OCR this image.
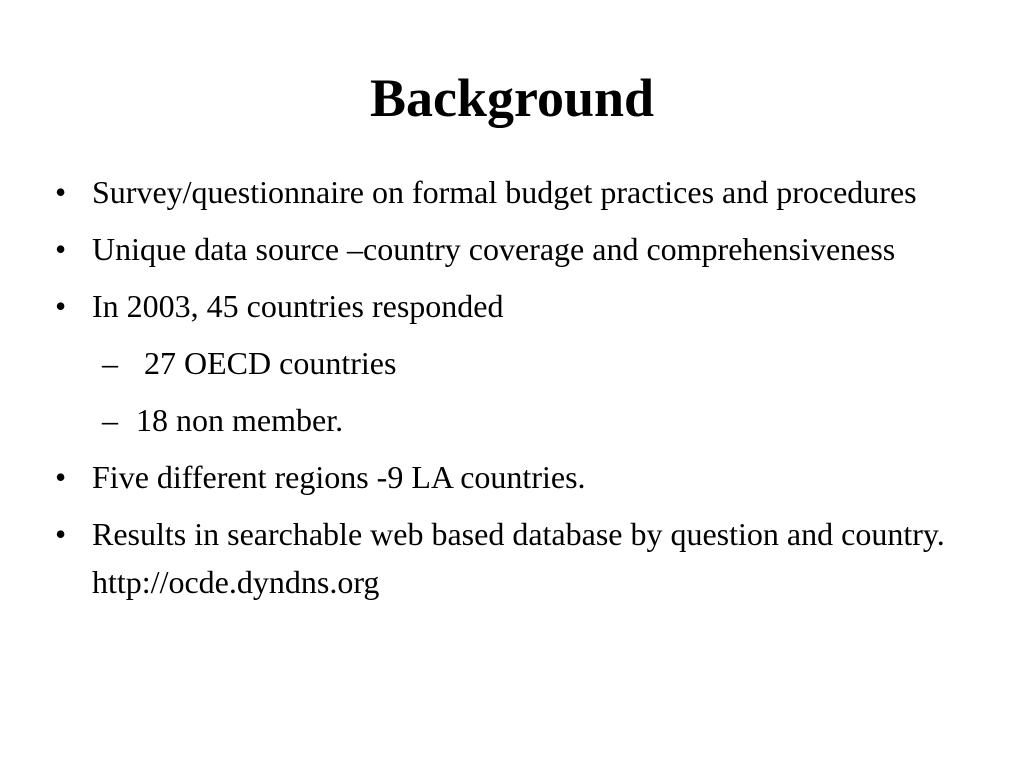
Background
• Survey/questionnaire on formal budget practices and procedures
• Unique data source –country coverage and comprehensiveness
• In 2003, 45 countries responded
– 27 OECD countries
– 18 non member.
• Five different regions -9 LA countries.
• Results in searchable web based database by question and country. http://ocde.dyndns.org
